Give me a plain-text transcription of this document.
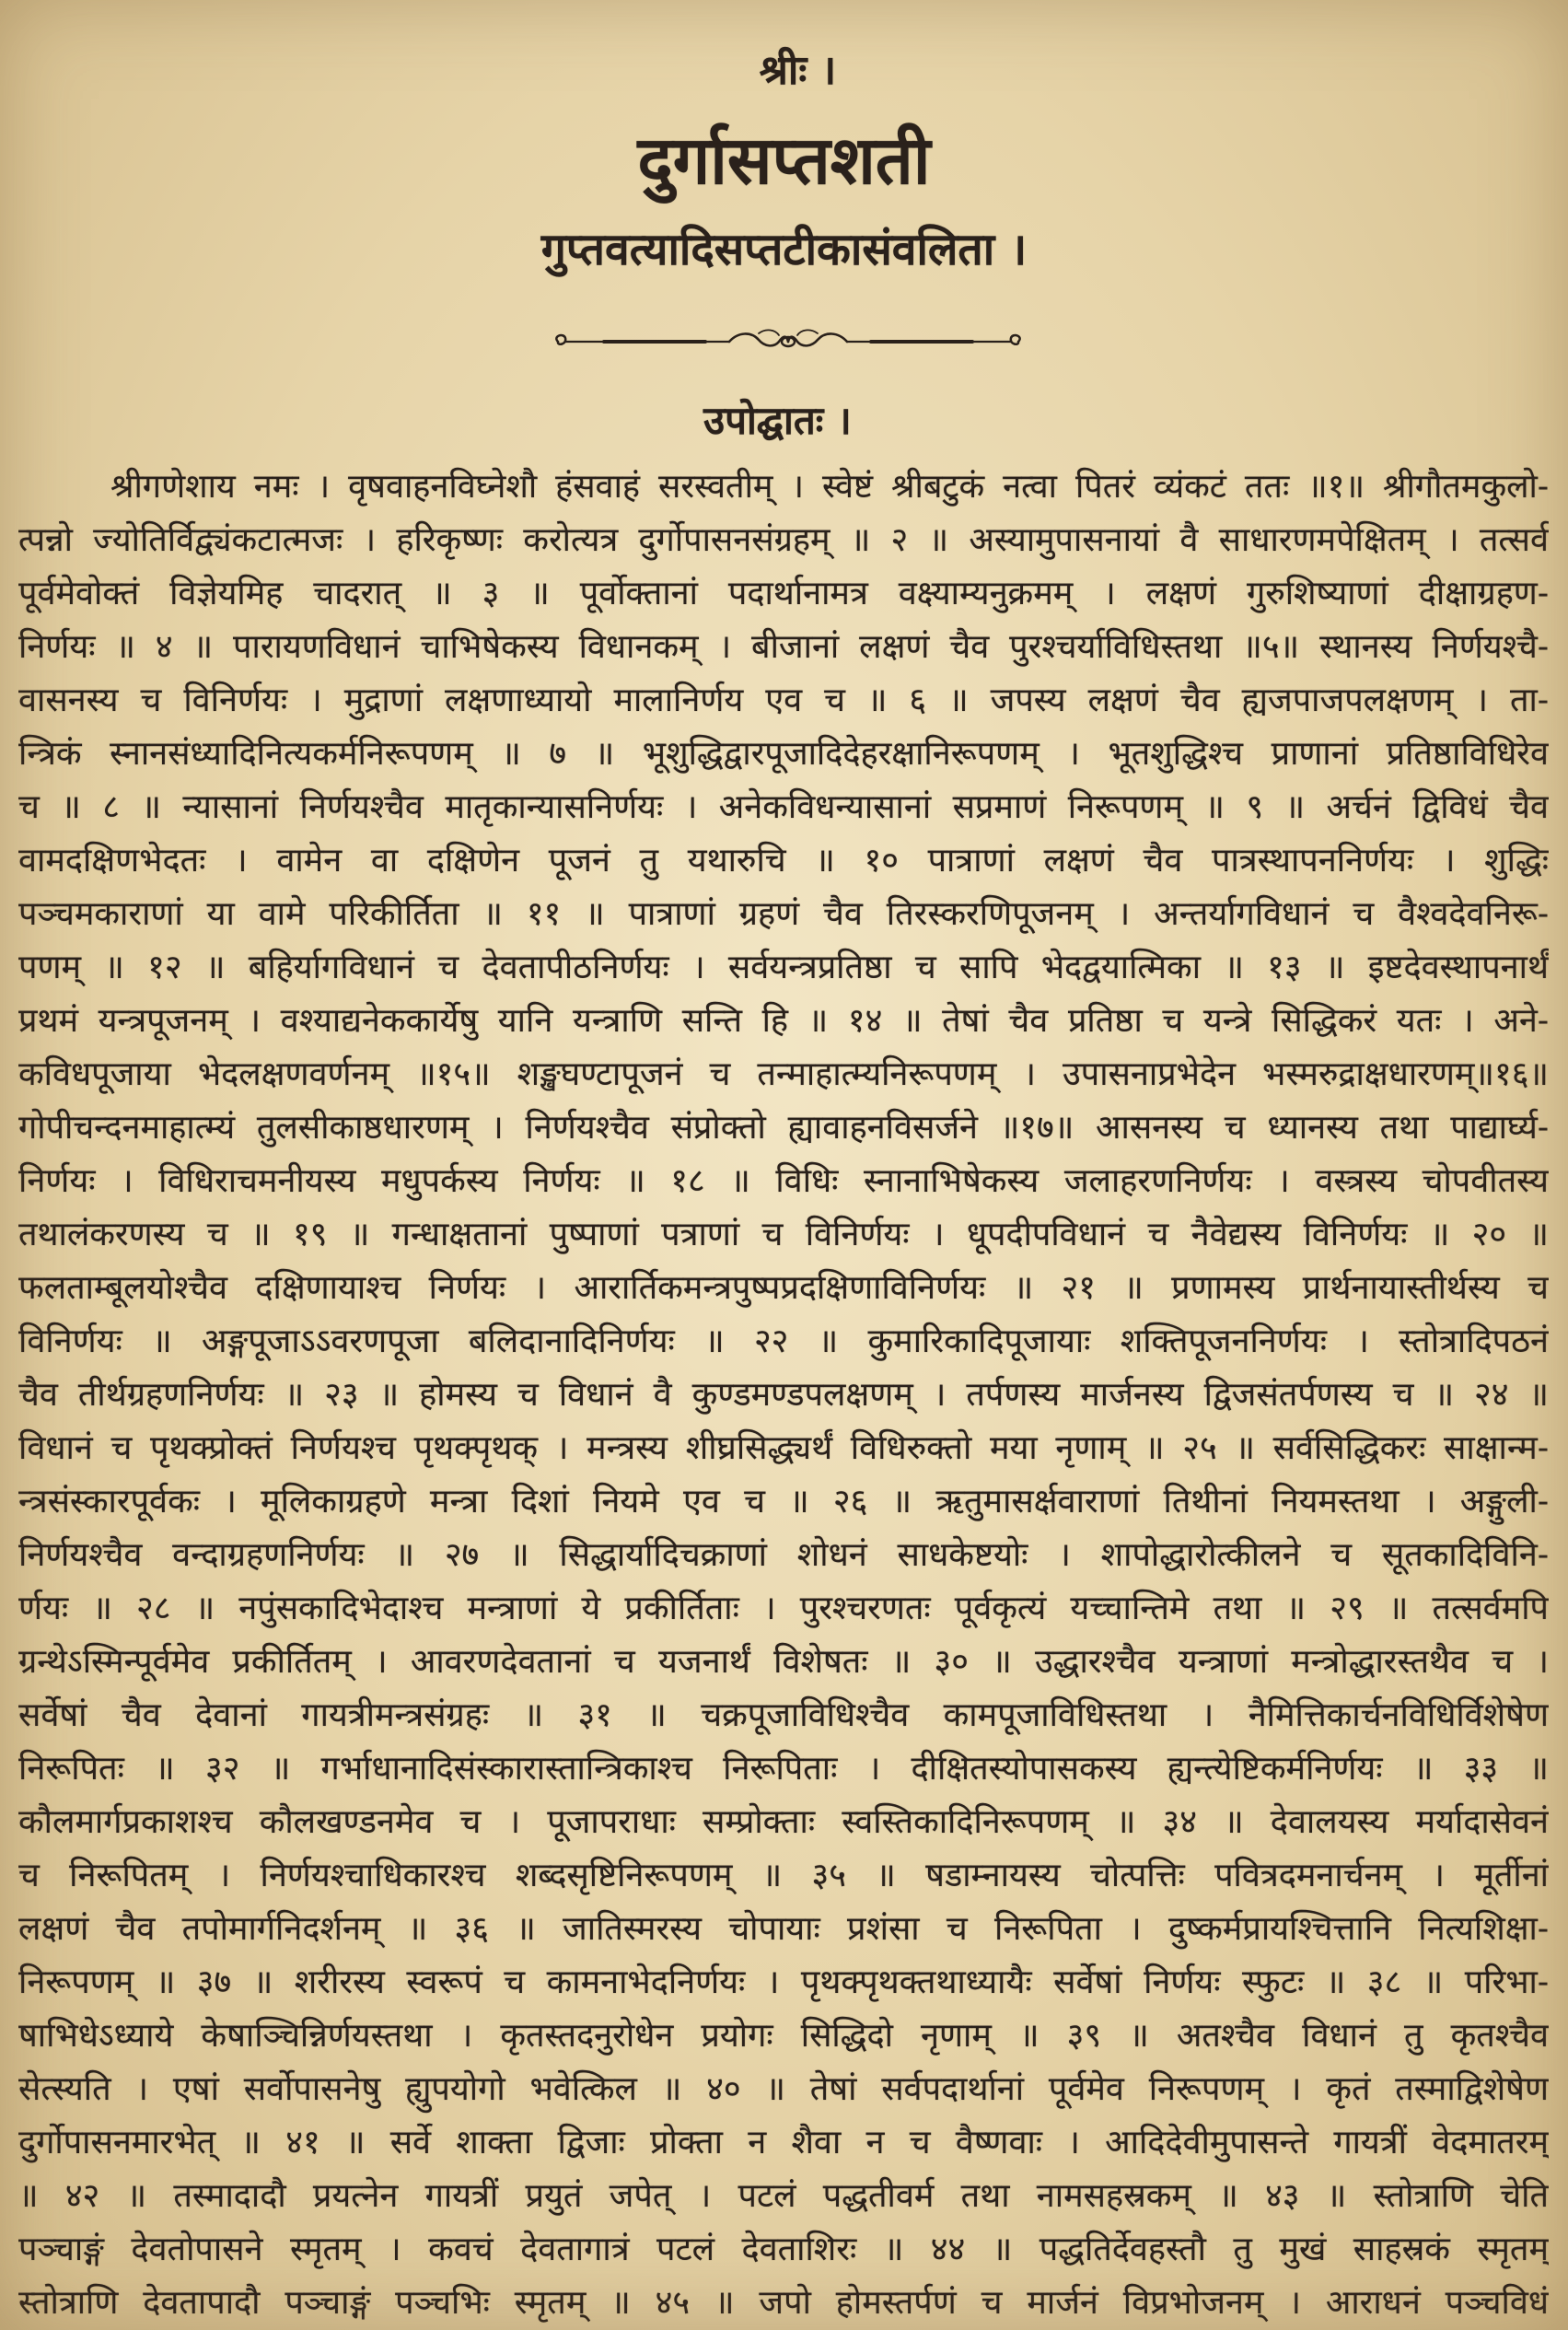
श्रीः ।
दुर्गासप्तशती
गुप्तवत्यादिसप्तटीकासंवलिता ।
उपोद्घातः ।
श्रीगणेशाय नमः । वृषवाहनविघ्नेशौ हंसवाहं सरस्वतीम् । स्वेष्टं श्रीबटुकं नत्वा पितरं व्यंकटं ततः ॥१॥ श्रीगौतमकुलो-
त्पन्नो ज्योतिर्विद्व्यंकटात्मजः । हरिकृष्णः करोत्यत्र दुर्गोपासनसंग्रहम् ॥ २ ॥ अस्यामुपासनायां वै साधारणमपेक्षितम् । तत्सर्व
पूर्वमेवोक्तं विज्ञेयमिह चादरात् ॥ ३ ॥ पूर्वोक्तानां पदार्थानामत्र वक्ष्याम्यनुक्रमम् । लक्षणं गुरुशिष्याणां दीक्षाग्रहण-
निर्णयः ॥ ४ ॥ पारायणविधानं चाभिषेकस्य विधानकम् । बीजानां लक्षणं चैव पुरश्चर्याविधिस्तथा ॥५॥ स्थानस्य निर्णयश्चै-
वासनस्य च विनिर्णयः । मुद्राणां लक्षणाध्यायो मालानिर्णय एव च ॥ ६ ॥ जपस्य लक्षणं चैव ह्यजपाजपलक्षणम् । ता-
न्त्रिकं स्नानसंध्यादिनित्यकर्मनिरूपणम् ॥ ७ ॥ भूशुद्धिद्वारपूजादिदेहरक्षानिरूपणम् । भूतशुद्धिश्च प्राणानां प्रतिष्ठाविधिरेव
च ॥ ८ ॥ न्यासानां निर्णयश्चैव मातृकान्यासनिर्णयः । अनेकविधन्यासानां सप्रमाणं निरूपणम् ॥ ९ ॥ अर्चनं द्विविधं चैव
वामदक्षिणभेदतः । वामेन वा दक्षिणेन पूजनं तु यथारुचि ॥ १० पात्राणां लक्षणं चैव पात्रस्थापननिर्णयः । शुद्धिः
पञ्चमकाराणां या वामे परिकीर्तिता ॥ ११ ॥ पात्राणां ग्रहणं चैव तिरस्करणिपूजनम् । अन्तर्यागविधानं च वैश्वदेवनिरू-
पणम् ॥ १२ ॥ बहिर्यागविधानं च देवतापीठनिर्णयः । सर्वयन्त्रप्रतिष्ठा च सापि भेदद्वयात्मिका ॥ १३ ॥ इष्टदेवस्थापनार्थं
प्रथमं यन्त्रपूजनम् । वश्याद्यनेककार्येषु यानि यन्त्राणि सन्ति हि ॥ १४ ॥ तेषां चैव प्रतिष्ठा च यन्त्रे सिद्धिकरं यतः । अने-
कविधपूजाया भेदलक्षणवर्णनम् ॥१५॥ शङ्खघण्टापूजनं च तन्माहात्म्यनिरूपणम् । उपासनाप्रभेदेन भस्मरुद्राक्षधारणम्॥१६॥
गोपीचन्दनमाहात्म्यं तुलसीकाष्ठधारणम् । निर्णयश्चैव संप्रोक्तो ह्यावाहनविसर्जने ॥१७॥ आसनस्य च ध्यानस्य तथा पाद्यार्घ्य-
निर्णयः । विधिराचमनीयस्य मधुपर्कस्य निर्णयः ॥ १८ ॥ विधिः स्नानाभिषेकस्य जलाहरणनिर्णयः । वस्त्रस्य चोपवीतस्य
तथालंकरणस्य च ॥ १९ ॥ गन्धाक्षतानां पुष्पाणां पत्राणां च विनिर्णयः । धूपदीपविधानं च नैवेद्यस्य विनिर्णयः ॥ २० ॥
फलताम्बूलयोश्चैव दक्षिणायाश्च निर्णयः । आरार्तिकमन्त्रपुष्पप्रदक्षिणाविनिर्णयः ॥ २१ ॥ प्रणामस्य प्रार्थनायास्तीर्थस्य च
विनिर्णयः ॥ अङ्गपूजाऽऽवरणपूजा बलिदानादिनिर्णयः ॥ २२ ॥ कुमारिकादिपूजायाः शक्तिपूजननिर्णयः । स्तोत्रादिपठनं
चैव तीर्थग्रहणनिर्णयः ॥ २३ ॥ होमस्य च विधानं वै कुण्डमण्डपलक्षणम् । तर्पणस्य मार्जनस्य द्विजसंतर्पणस्य च ॥ २४ ॥
विधानं च पृथक्प्रोक्तं निर्णयश्च पृथक्पृथक् । मन्त्रस्य शीघ्रसिद्ध्यर्थं विधिरुक्तो मया नृणाम् ॥ २५ ॥ सर्वसिद्धिकरः साक्षान्म-
न्त्रसंस्कारपूर्वकः । मूलिकाग्रहणे मन्त्रा दिशां नियमे एव च ॥ २६ ॥ ऋतुमासर्क्षवाराणां तिथीनां नियमस्तथा । अङ्गुली-
निर्णयश्चैव वन्दाग्रहणनिर्णयः ॥ २७ ॥ सिद्धार्यादिचक्राणां शोधनं साधकेष्टयोः । शापोद्धारोत्कीलने च सूतकादिविनि-
र्णयः ॥ २८ ॥ नपुंसकादिभेदाश्च मन्त्राणां ये प्रकीर्तिताः । पुरश्चरणतः पूर्वकृत्यं यच्चान्तिमे तथा ॥ २९ ॥ तत्सर्वमपि
ग्रन्थेऽस्मिन्पूर्वमेव प्रकीर्तितम् । आवरणदेवतानां च यजनार्थं विशेषतः ॥ ३० ॥ उद्धारश्चैव यन्त्राणां मन्त्रोद्धारस्तथैव च ।
सर्वेषां चैव देवानां गायत्रीमन्त्रसंग्रहः ॥ ३१ ॥ चक्रपूजाविधिश्चैव कामपूजाविधिस्तथा । नैमित्तिकार्चनविधिर्विशेषेण
निरूपितः ॥ ३२ ॥ गर्भाधानादिसंस्कारास्तान्त्रिकाश्च निरूपिताः । दीक्षितस्योपासकस्य ह्यन्त्येष्टिकर्मनिर्णयः ॥ ३३ ॥
कौलमार्गप्रकाशश्च कौलखण्डनमेव च । पूजापराधाः सम्प्रोक्ताः स्वस्तिकादिनिरूपणम् ॥ ३४ ॥ देवालयस्य मर्यादासेवनं
च निरूपितम् । निर्णयश्चाधिकारश्च शब्दसृष्टिनिरूपणम् ॥ ३५ ॥ षडाम्नायस्य चोत्पत्तिः पवित्रदमनार्चनम् । मूर्तीनां
लक्षणं चैव तपोमार्गनिदर्शनम् ॥ ३६ ॥ जातिस्मरस्य चोपायाः प्रशंसा च निरूपिता । दुष्कर्मप्रायश्चित्तानि नित्यशिक्षा-
निरूपणम् ॥ ३७ ॥ शरीरस्य स्वरूपं च कामनाभेदनिर्णयः । पृथक्पृथक्तथाध्यायैः सर्वेषां निर्णयः स्फुटः ॥ ३८ ॥ परिभा-
षाभिधेऽध्याये केषाञ्चिन्निर्णयस्तथा । कृतस्तदनुरोधेन प्रयोगः सिद्धिदो नृणाम् ॥ ३९ ॥ अतश्चैव विधानं तु कृतश्चैव
सेत्स्यति । एषां सर्वोपासनेषु ह्युपयोगो भवेत्किल ॥ ४० ॥ तेषां सर्वपदार्थानां पूर्वमेव निरूपणम् । कृतं तस्माद्विशेषेण
दुर्गोपासनमारभेत् ॥ ४१ ॥ सर्वे शाक्ता द्विजाः प्रोक्ता न शैवा न च वैष्णवाः । आदिदेवीमुपासन्ते गायत्रीं वेदमातरम्
॥ ४२ ॥ तस्मादादौ प्रयत्नेन गायत्रीं प्रयुतं जपेत् । पटलं पद्धतीवर्म तथा नामसहस्रकम् ॥ ४३ ॥ स्तोत्राणि चेति
पञ्चाङ्गं देवतोपासने स्मृतम् । कवचं देवतागात्रं पटलं देवताशिरः ॥ ४४ ॥ पद्धतिर्देवहस्तौ तु मुखं साहस्रकं स्मृतम्
स्तोत्राणि देवतापादौ पञ्चाङ्गं पञ्चभिः स्मृतम् ॥ ४५ ॥ जपो होमस्तर्पणं च मार्जनं विप्रभोजनम् । आराधनं पञ्चविधं
